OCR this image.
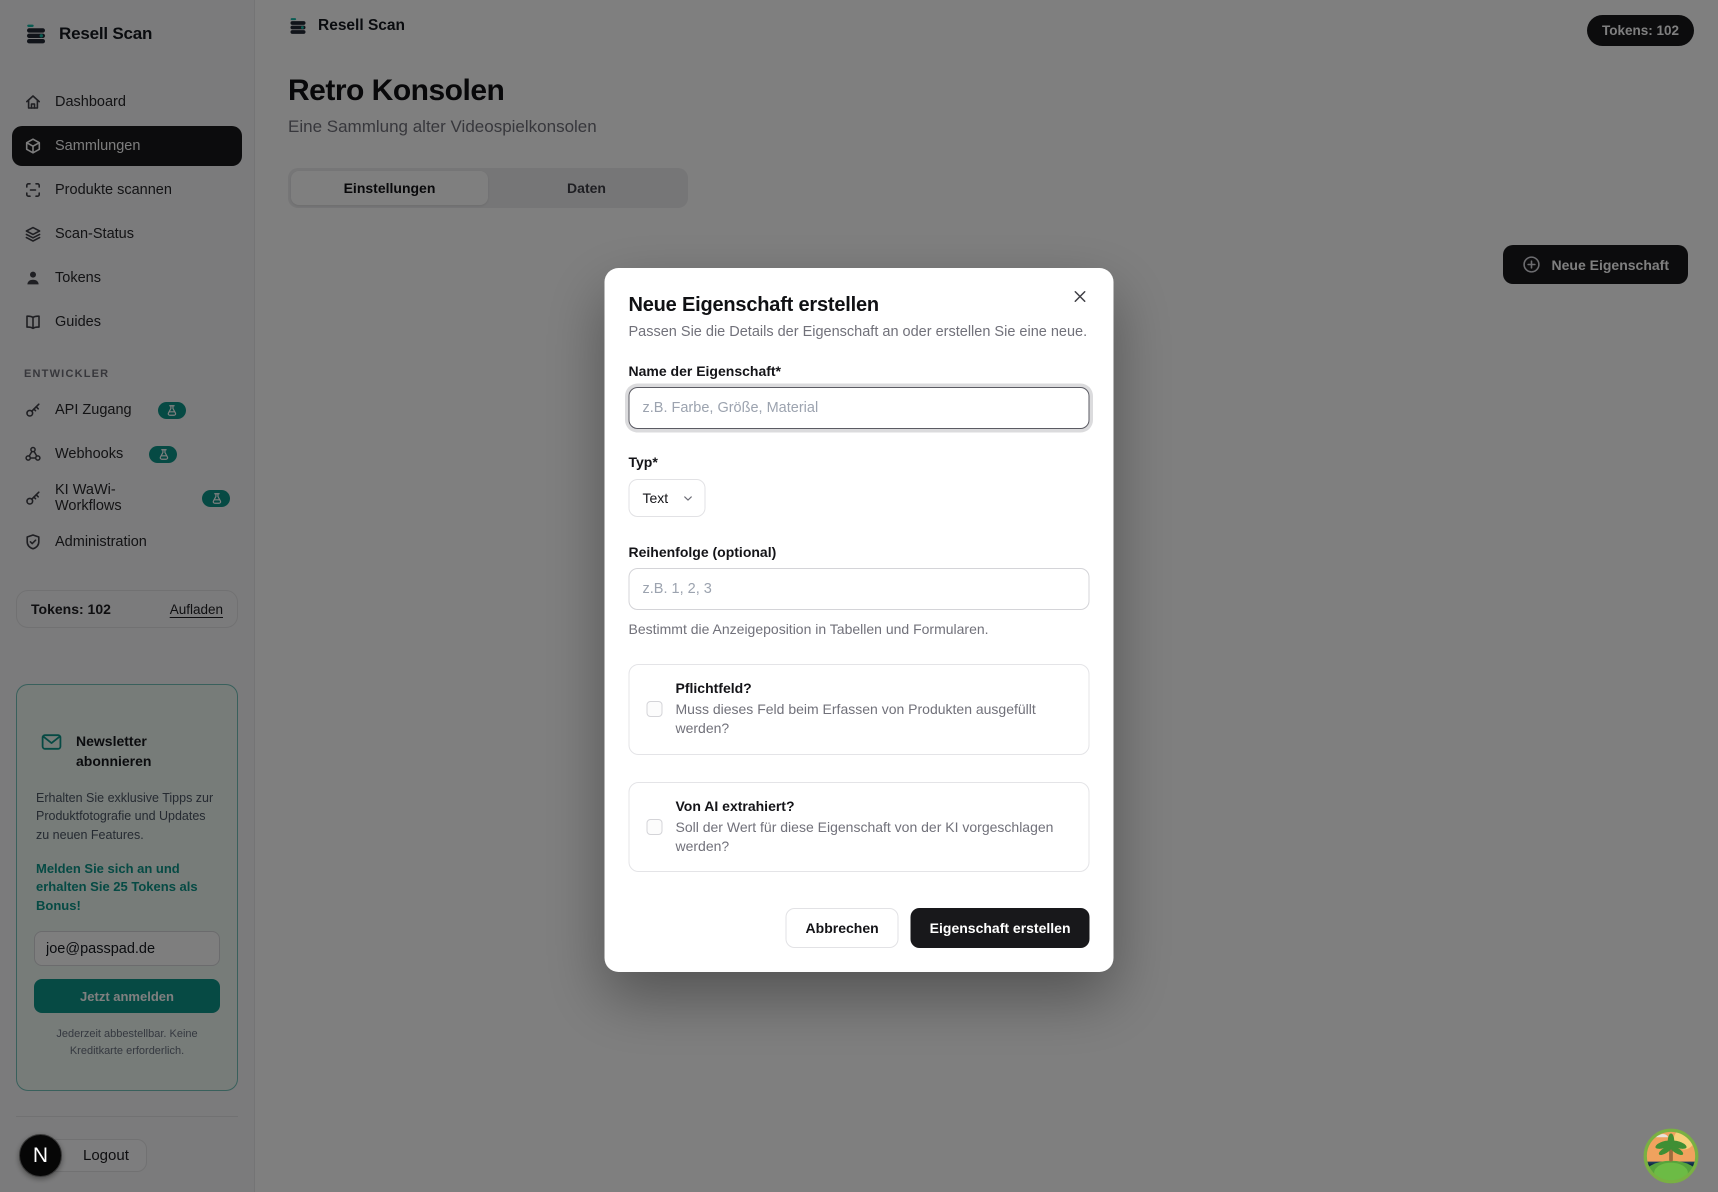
joe@passpad.de
Neue Eigenschaft erstellen
Passen Sie die Details der Eigenschaft an oder erstellen Sie eine neue.
Name der Eigenschaft*
z.B. Farbe, Größe, Material
Typ*
Text
Reihenfolge (optional)
z.B. 1, 2, 3
Bestimmt die Anzeigeposition in Tabellen und Formularen.
Pflichtfeld?
Muss dieses Feld beim Erfassen von Produkten ausgefüllt werden?
Von AI extrahiert?
Soll der Wert für diese Eigenschaft von der KI vorgeschlagen werden?
Abbrechen	Eigenschaft erstellen
N
